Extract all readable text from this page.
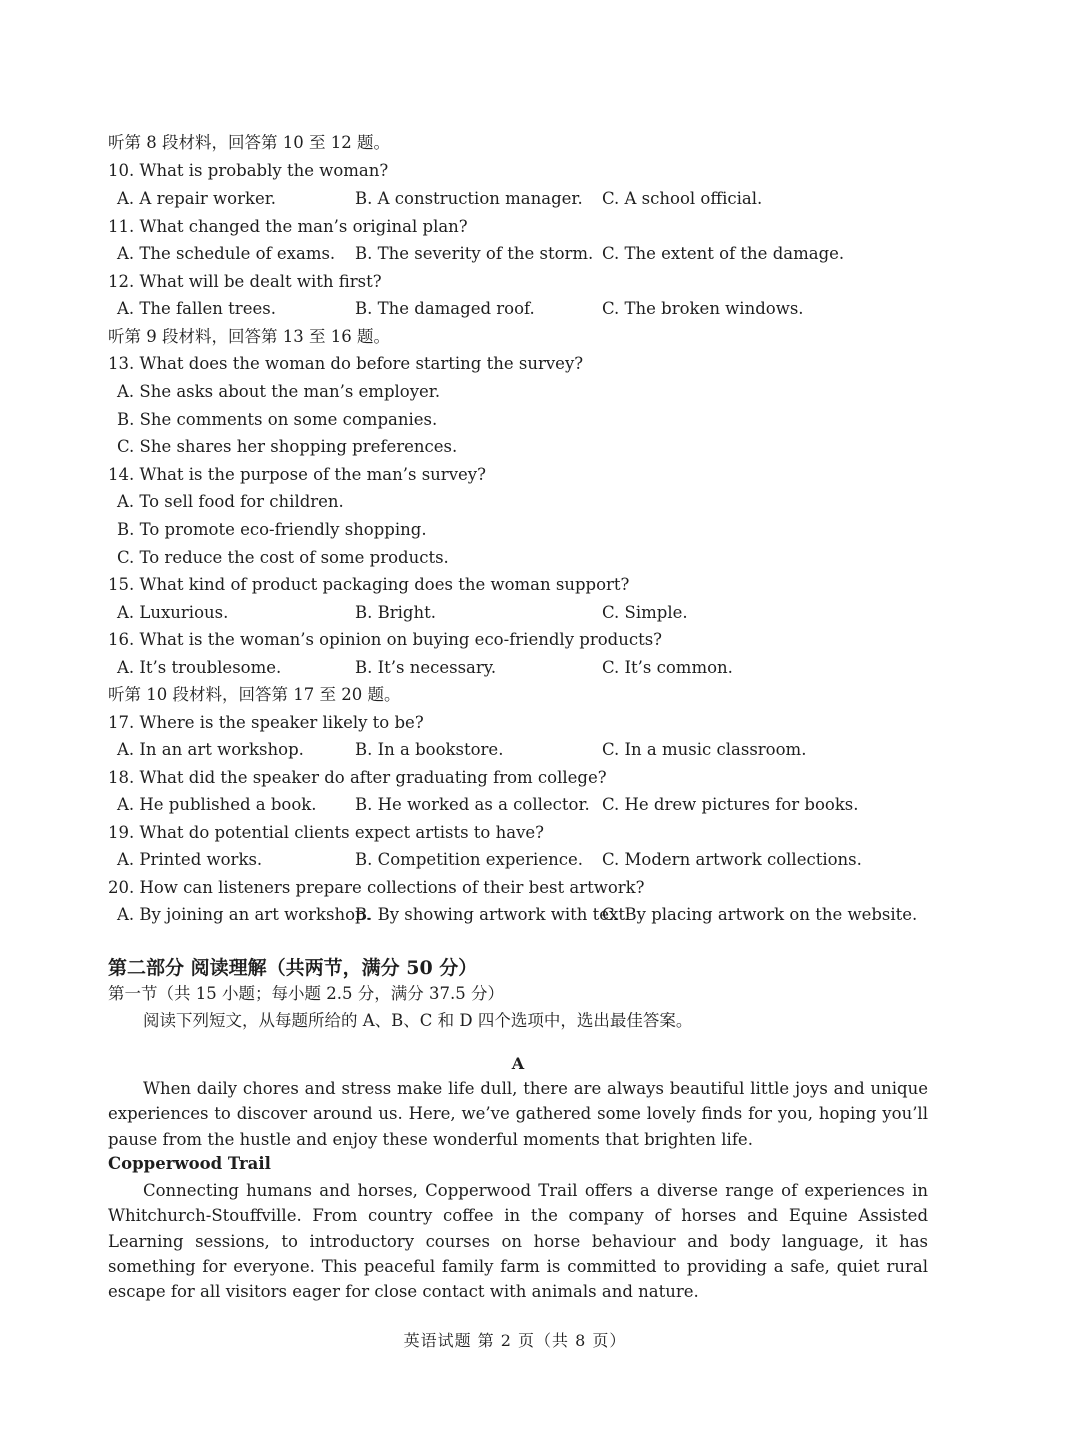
听第 8 段材料，回答第 10 至 12 题。
10. What is probably the woman?
A. A repair worker.	B. A construction manager. C. A school official.
11. What changed the man’s original plan?
A. The schedule of exams. B. The severity of the storm. C. The extent of the damage.
12. What will be dealt with first?
A. The fallen trees.	B. The damaged roof.	C. The broken windows.
听第 9 段材料，回答第 13 至 16 题。
13. What does the woman do before starting the survey?
A. She asks about the man’s employer.
B. She comments on some companies.
C. She shares her shopping preferences.
14. What is the purpose of the man’s survey?
A. To sell food for children.
B. To promote eco-friendly shopping.
C. To reduce the cost of some products.
15. What kind of product packaging does the woman support?
A. Luxurious.	B. Bright.	C. Simple.
16. What is the woman’s opinion on buying eco-friendly products?
A. It’s troublesome.	B. It’s necessary.	C. It’s common.
听第 10 段材料，回答第 17 至 20 题。
17. Where is the speaker likely to be?
A. In an art workshop.	B. In a bookstore.	C. In a music classroom.
18. What did the speaker do after graduating from college?
A. He published a book. B. He worked as a collector. C. He drew pictures for books.
19. What do potential clients expect artists to have?
A. Printed works.	B. Competition experience. C. Modern artwork collections.
20. How can listeners prepare collections of their best artwork?
A. By joining an art workshop.
B. By showing artwork with text.
C. By placing artwork on the website.
第二部分 阅读理解（共两节，满分 50 分）
第一节（共 15 小题；每小题 2.5 分，满分 37.5 分）
阅读下列短文，从每题所给的 A、B、C 和 D 四个选项中，选出最佳答案。
A
When daily chores and stress make life dull, there are always beautiful little joys and unique experiences to discover around us. Here, we’ve gathered some lovely finds for you, hoping you’ll pause from the hustle and enjoy these wonderful moments that brighten life.
Copperwood Trail
Connecting humans and horses, Copperwood Trail offers a diverse range of experiences in Whitchurch-Stouffville. From country coffee in the company of horses and Equine Assisted Learning sessions, to introductory courses on horse behaviour and body language, it has something for everyone. This peaceful family farm is committed to providing a safe, quiet rural escape for all visitors eager for close contact with animals and nature.
英语试题 第 2 页（共 8 页）
